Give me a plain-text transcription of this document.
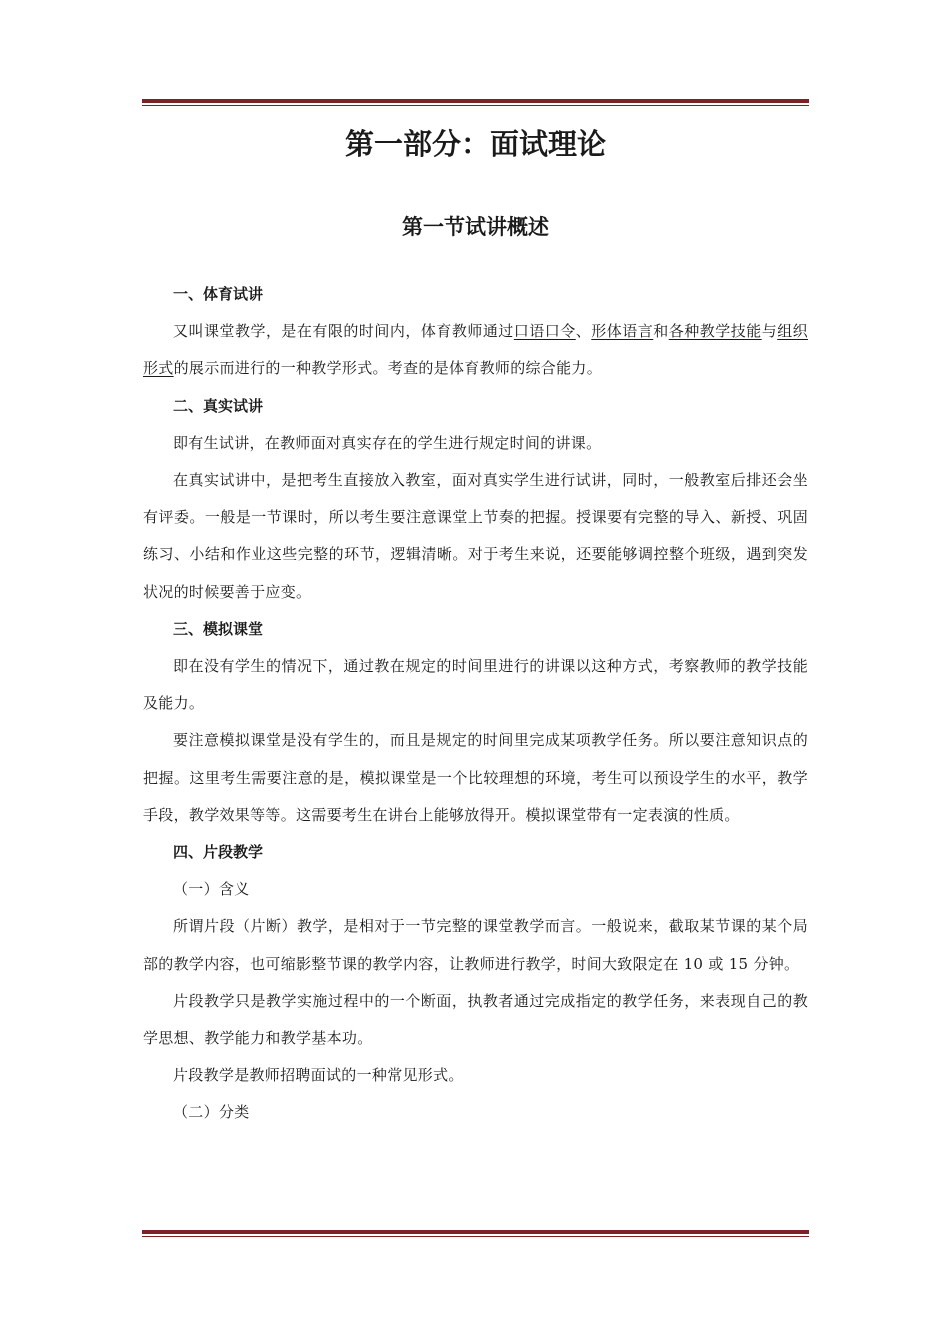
第一部分：面试理论
第一节试讲概述
一、体育试讲

又叫课堂教学，是在有限的时间内，体育教师通过口语口令、形体语言和各种教学技能与组织形式的展示而进行的一种教学形式。考查的是体育教师的综合能力。

二、真实试讲

即有生试讲，在教师面对真实存在的学生进行规定时间的讲课。

在真实试讲中，是把考生直接放入教室，面对真实学生进行试讲，同时，一般教室后排还会坐有评委。一般是一节课时，所以考生要注意课堂上节奏的把握。授课要有完整的导入、新授、巩固练习、小结和作业这些完整的环节，逻辑清晰。对于考生来说，还要能够调控整个班级，遇到突发状况的时候要善于应变。

三、模拟课堂

即在没有学生的情况下，通过教在规定的时间里进行的讲课以这种方式，考察教师的教学技能及能力。

要注意模拟课堂是没有学生的，而且是规定的时间里完成某项教学任务。所以要注意知识点的把握。这里考生需要注意的是，模拟课堂是一个比较理想的环境，考生可以预设学生的水平，教学手段，教学效果等等。这需要考生在讲台上能够放得开。模拟课堂带有一定表演的性质。

四、片段教学

（一）含义

所谓片段（片断）教学，是相对于一节完整的课堂教学而言。一般说来，截取某节课的某个局部的教学内容，也可缩影整节课的教学内容，让教师进行教学，时间大致限定在 10 或 15 分钟。

片段教学只是教学实施过程中的一个断面，执教者通过完成指定的教学任务，来表现自己的教学思想、教学能力和教学基本功。

片段教学是教师招聘面试的一种常见形式。

（二）分类
